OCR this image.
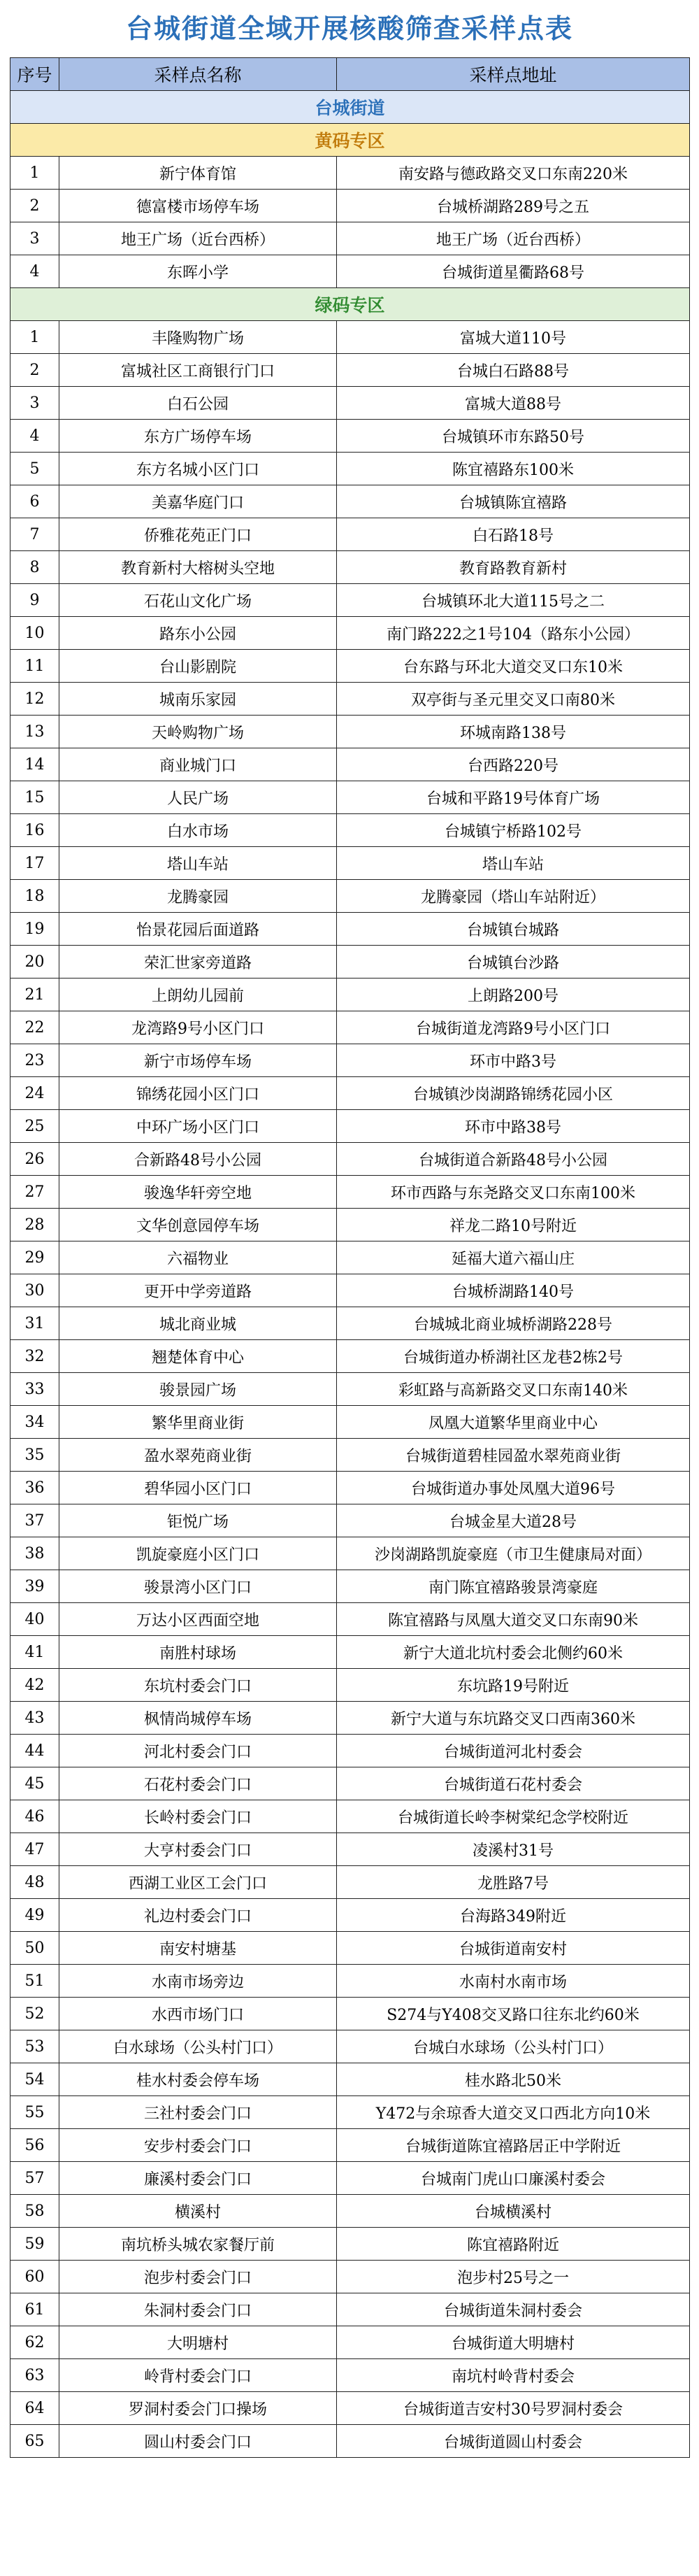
台城街道全域开展核酸筛查采样点表
序号	采样点名称	采样点地址
台城街道		
黄码专区		
1	新宁体育馆	南安路与德政路交叉口东南220米
2	德富楼市场停车场	台城桥湖路289号之五
3	地王广场（近台西桥）	地王广场（近台西桥）
4	东晖小学	台城街道星衢路68号
绿码专区		
1	丰隆购物广场	富城大道110号
2	富城社区工商银行门口	台城白石路88号
3	白石公园	富城大道88号
4	东方广场停车场	台城镇环市东路50号
5	东方名城小区门口	陈宜禧路东100米
6	美嘉华庭门口	台城镇陈宜禧路
7	侨雅花苑正门口	白石路18号
8	教育新村大榕树头空地	教育路教育新村
9	石花山文化广场	台城镇环北大道115号之二
10	路东小公园	南门路222之1号104（路东小公园）
11	台山影剧院	台东路与环北大道交叉口东10米
12	城南乐家园	双亭街与圣元里交叉口南80米
13	天岭购物广场	环城南路138号
14	商业城门口	台西路220号
15	人民广场	台城和平路19号体育广场
16	白水市场	台城镇宁桥路102号
17	塔山车站	塔山车站
18	龙腾豪园	龙腾豪园（塔山车站附近）
19	怡景花园后面道路	台城镇台城路
20	荣汇世家旁道路	台城镇台沙路
21	上朗幼儿园前	上朗路200号
22	龙湾路9号小区门口	台城街道龙湾路9号小区门口
23	新宁市场停车场	环市中路3号
24	锦绣花园小区门口	台城镇沙岗湖路锦绣花园小区
25	中环广场小区门口	环市中路38号
26	合新路48号小公园	台城街道合新路48号小公园
27	骏逸华轩旁空地	环市西路与东尧路交叉口东南100米
28	文华创意园停车场	祥龙二路10号附近
29	六福物业	延福大道六福山庄
30	更开中学旁道路	台城桥湖路140号
31	城北商业城	台城城北商业城桥湖路228号
32	翘楚体育中心	台城街道办桥湖社区龙巷2栋2号
33	骏景园广场	彩虹路与高新路交叉口东南140米
34	繁华里商业街	凤凰大道繁华里商业中心
35	盈水翠苑商业街	台城街道碧桂园盈水翠苑商业街
36	碧华园小区门口	台城街道办事处凤凰大道96号
37	钜悦广场	台城金星大道28号
38	凯旋豪庭小区门口	沙岗湖路凯旋豪庭（市卫生健康局对面）
39	骏景湾小区门口	南门陈宜禧路骏景湾豪庭
40	万达小区西面空地	陈宜禧路与凤凰大道交叉口东南90米
41	南胜村球场	新宁大道北坑村委会北侧约60米
42	东坑村委会门口	东坑路19号附近
43	枫情尚城停车场	新宁大道与东坑路交叉口西南360米
44	河北村委会门口	台城街道河北村委会
45	石花村委会门口	台城街道石花村委会
46	长岭村委会门口	台城街道长岭李树棠纪念学校附近
47	大亨村委会门口	凌溪村31号
48	西湖工业区工会门口	龙胜路7号
49	礼边村委会门口	台海路349附近
50	南安村塘基	台城街道南安村
51	水南市场旁边	水南村水南市场
52	水西市场门口	S274与Y408交叉路口往东北约60米
53	白水球场（公头村门口）	台城白水球场（公头村门口）
54	桂水村委会停车场	桂水路北50米
55	三社村委会门口	Y472与余琼香大道交叉口西北方向10米
56	安步村委会门口	台城街道陈宜禧路居正中学附近
57	廉溪村委会门口	台城南门虎山口廉溪村委会
58	横溪村	台城横溪村
59	南坑桥头城农家餐厅前	陈宜禧路附近
60	泡步村委会门口	泡步村25号之一
61	朱洞村委会门口	台城街道朱洞村委会
62	大明塘村	台城街道大明塘村
63	岭背村委会门口	南坑村岭背村委会
64	罗洞村委会门口操场	台城街道吉安村30号罗洞村委会
65	圆山村委会门口	台城街道圆山村委会
